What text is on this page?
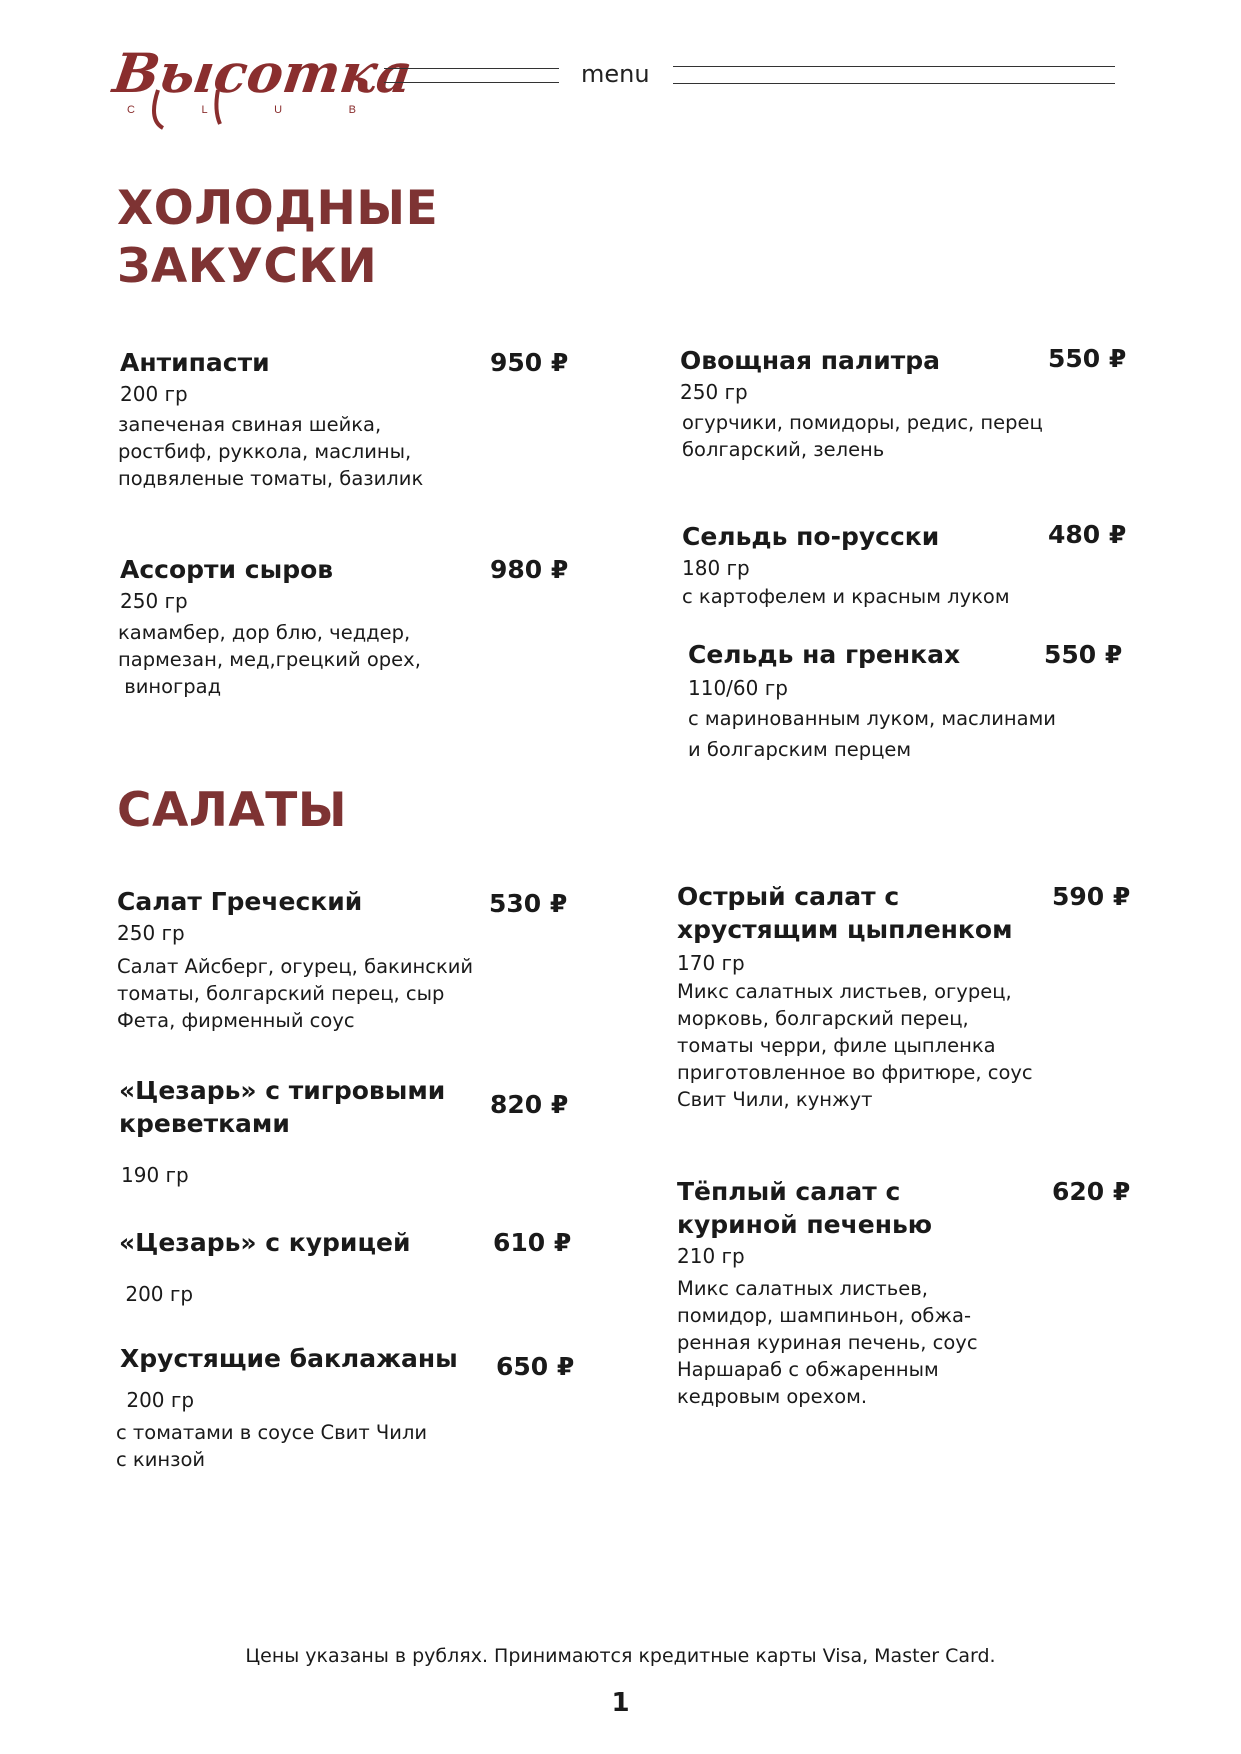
Высотка
C	L	U	B
menu
ХОЛОДНЫЕ
ЗАКУСКИ
Антипасти	950 ₽
200 гр
запеченая свиная шейка,
ростбиф, руккола, маслины,
подвяленые томаты, базилик
Ассорти сыров	980 ₽
250 гр
камамбер, дор блю, чеддер,
пармезан, мед,грецкий орех,
виноград
Овощная палитра	550 ₽
250 гр
огурчики, помидоры, редис, перец
болгарский, зелень
Сельдь по-русски	480 ₽
180 гр
с картофелем и красным луком
Сельдь на гренках	550 ₽
110/60 гр
с маринованным луком, маслинами
и болгарским перцем
САЛАТЫ
Салат Греческий	530 ₽
250 гр
Салат Айсберг, огурец, бакинский
томаты, болгарский перец, сыр
Фета, фирменный соус
«Цезарь» с тигровыми
креветками
820 ₽
190 гр
«Цезарь» с курицей	610 ₽
200 гр
Хрустящие баклажаны	650 ₽
200 гр
с томатами в соусе Свит Чили
с кинзой
Острый салат с
хрустящим цыпленком
590 ₽
170 гр
Микс салатных листьев, огурец,
морковь, болгарский перец,
томаты черри, филе цыпленка
приготовленное во фритюре, соус
Свит Чили, кунжут
Тёплый салат с
куриной печенью
620 ₽
210 гр
Микс салатных листьев,
помидор, шампиньон, обжа-
ренная куриная печень, соус
Наршараб с обжаренным
кедровым орехом.
Цены указаны в рублях. Принимаются кредитные карты Visa, Master Card.
1
